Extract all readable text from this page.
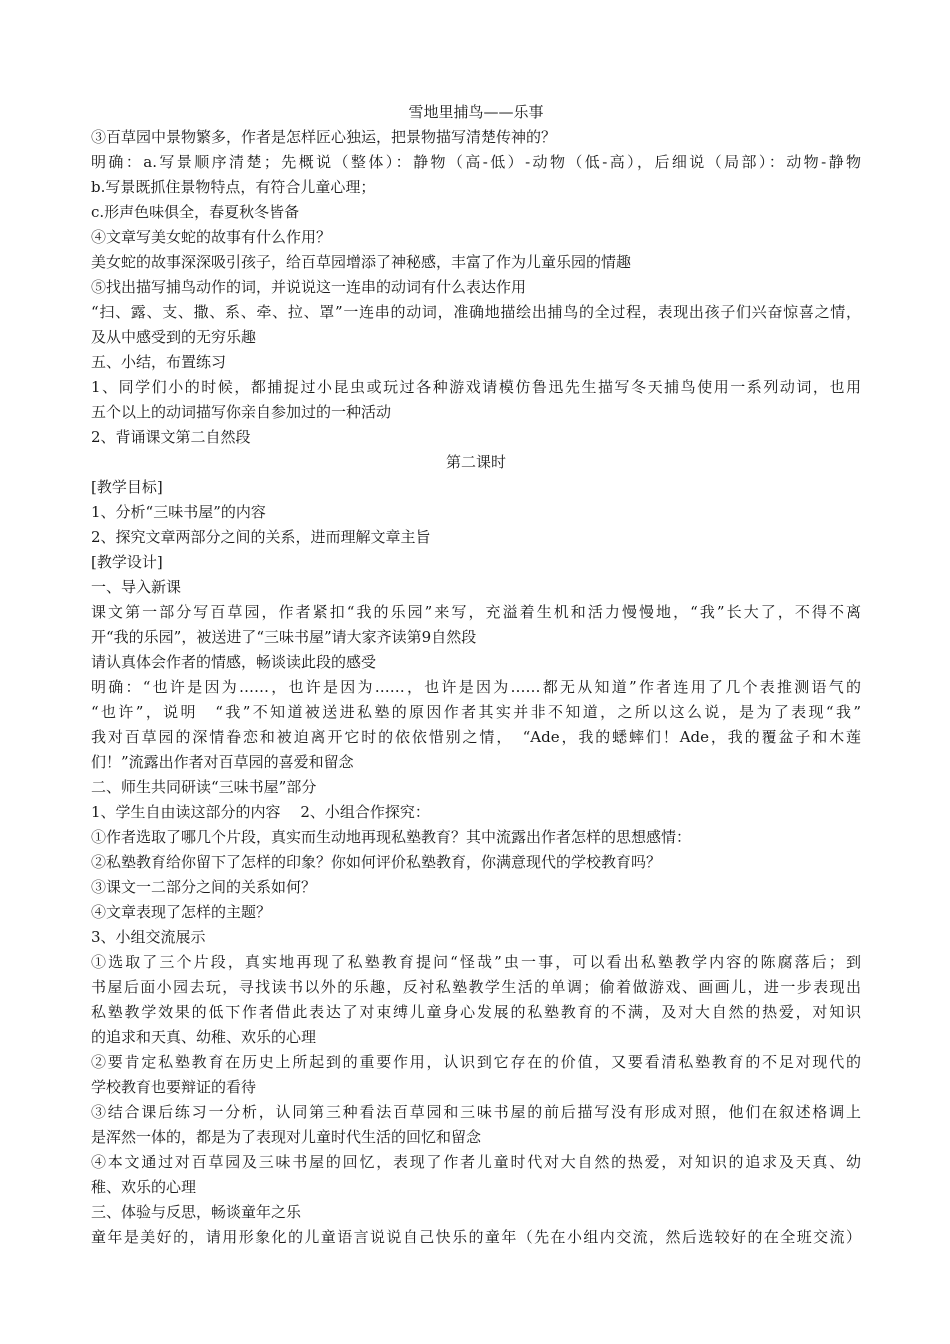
雪地里捕鸟——乐事
③百草园中景物繁多，作者是怎样匠心独运，把景物描写清楚传神的？
明确：a.写景顺序清楚；先概说（整体）：静物（高-低）-动物（低-高），后细说（局部）：动物-静物
b.写景既抓住景物特点，有符合儿童心理；
c.形声色味俱全，春夏秋冬皆备
④文章写美女蛇的故事有什么作用？
美女蛇的故事深深吸引孩子，给百草园增添了神秘感，丰富了作为儿童乐园的情趣
⑤找出描写捕鸟动作的词，并说说这一连串的动词有什么表达作用
“扫、露、支、撒、系、牵、拉、罩”一连串的动词，准确地描绘出捕鸟的全过程，表现出孩子们兴奋惊喜之情，
及从中感受到的无穷乐趣
五、小结，布置练习
1、同学们小的时候，都捕捉过小昆虫或玩过各种游戏请模仿鲁迅先生描写冬天捕鸟使用一系列动词，也用
五个以上的动词描写你亲自参加过的一种活动
2、背诵课文第二自然段
第二课时
[教学目标]
1、分析“三味书屋”的内容
2、探究文章两部分之间的关系，进而理解文章主旨
[教学设计]
一、导入新课
课文第一部分写百草园，作者紧扣“我的乐园”来写，充溢着生机和活力慢慢地，“我”长大了，不得不离
开“我的乐园”，被送进了“三味书屋”请大家齐读第9自然段
请认真体会作者的情感，畅谈读此段的感受
明确：“也许是因为……，也许是因为……，也许是因为……都无从知道”作者连用了几个表推测语气的
“也许”，说明　“我”不知道被送进私塾的原因作者其实并非不知道，之所以这么说，是为了表现“我”
我对百草园的深情眷恋和被迫离开它时的依依惜别之情，　“Ade，我的蟋蟀们！Ade，我的覆盆子和木莲
们！”流露出作者对百草园的喜爱和留念
二、师生共同研读“三味书屋”部分
1、学生自由读这部分的内容　 2、小组合作探究：
①作者选取了哪几个片段，真实而生动地再现私塾教育？其中流露出作者怎样的思想感情：
②私塾教育给你留下了怎样的印象？你如何评价私塾教育，你满意现代的学校教育吗？
③课文一二部分之间的关系如何？
④文章表现了怎样的主题？
3、小组交流展示
①选取了三个片段，真实地再现了私塾教育提问“怪哉”虫一事，可以看出私塾教学内容的陈腐落后；到
书屋后面小园去玩，寻找读书以外的乐趣，反衬私塾教学生活的单调；偷着做游戏、画画儿，进一步表现出
私塾教学效果的低下作者借此表达了对束缚儿童身心发展的私塾教育的不满，及对大自然的热爱，对知识
的追求和天真、幼稚、欢乐的心理
②要肯定私塾教育在历史上所起到的重要作用，认识到它存在的价值，又要看清私塾教育的不足对现代的
学校教育也要辩证的看待
③结合课后练习一分析，认同第三种看法百草园和三味书屋的前后描写没有形成对照，他们在叙述格调上
是浑然一体的，都是为了表现对儿童时代生活的回忆和留念
④本文通过对百草园及三味书屋的回忆，表现了作者儿童时代对大自然的热爱，对知识的追求及天真、幼
稚、欢乐的心理
三、体验与反思，畅谈童年之乐
童年是美好的，请用形象化的儿童语言说说自己快乐的童年（先在小组内交流，然后选较好的在全班交流）
